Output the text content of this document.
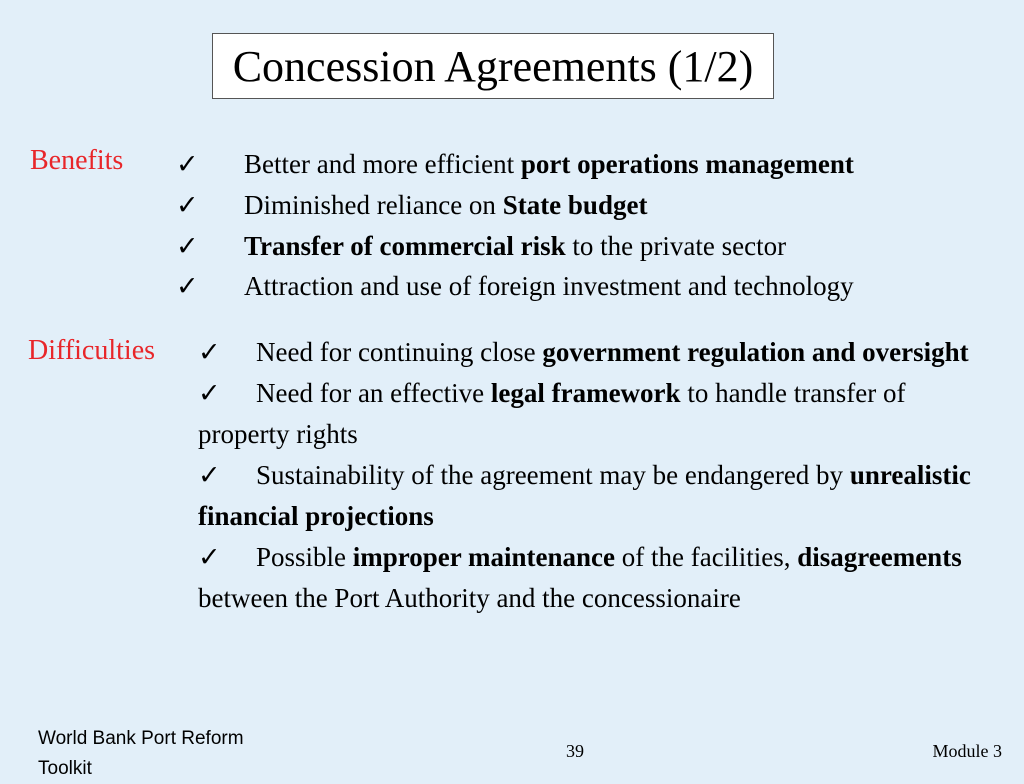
Concession Agreements (1/2)
Benefits ✓ Better and more efficient port operations management
✓ Diminished reliance on State budget
✓ Transfer of commercial risk to the private sector
✓ Attraction and use of foreign investment and technology
Difficulties ✓ Need for continuing close government regulation and oversight
✓ Need for an effective legal framework to handle transfer of property rights
✓ Sustainability of the agreement may be endangered by unrealistic financial projections
✓ Possible improper maintenance of the facilities, disagreements between the Port Authority and the concessionaire
World Bank Port Reform Toolkit
39	Module 3
